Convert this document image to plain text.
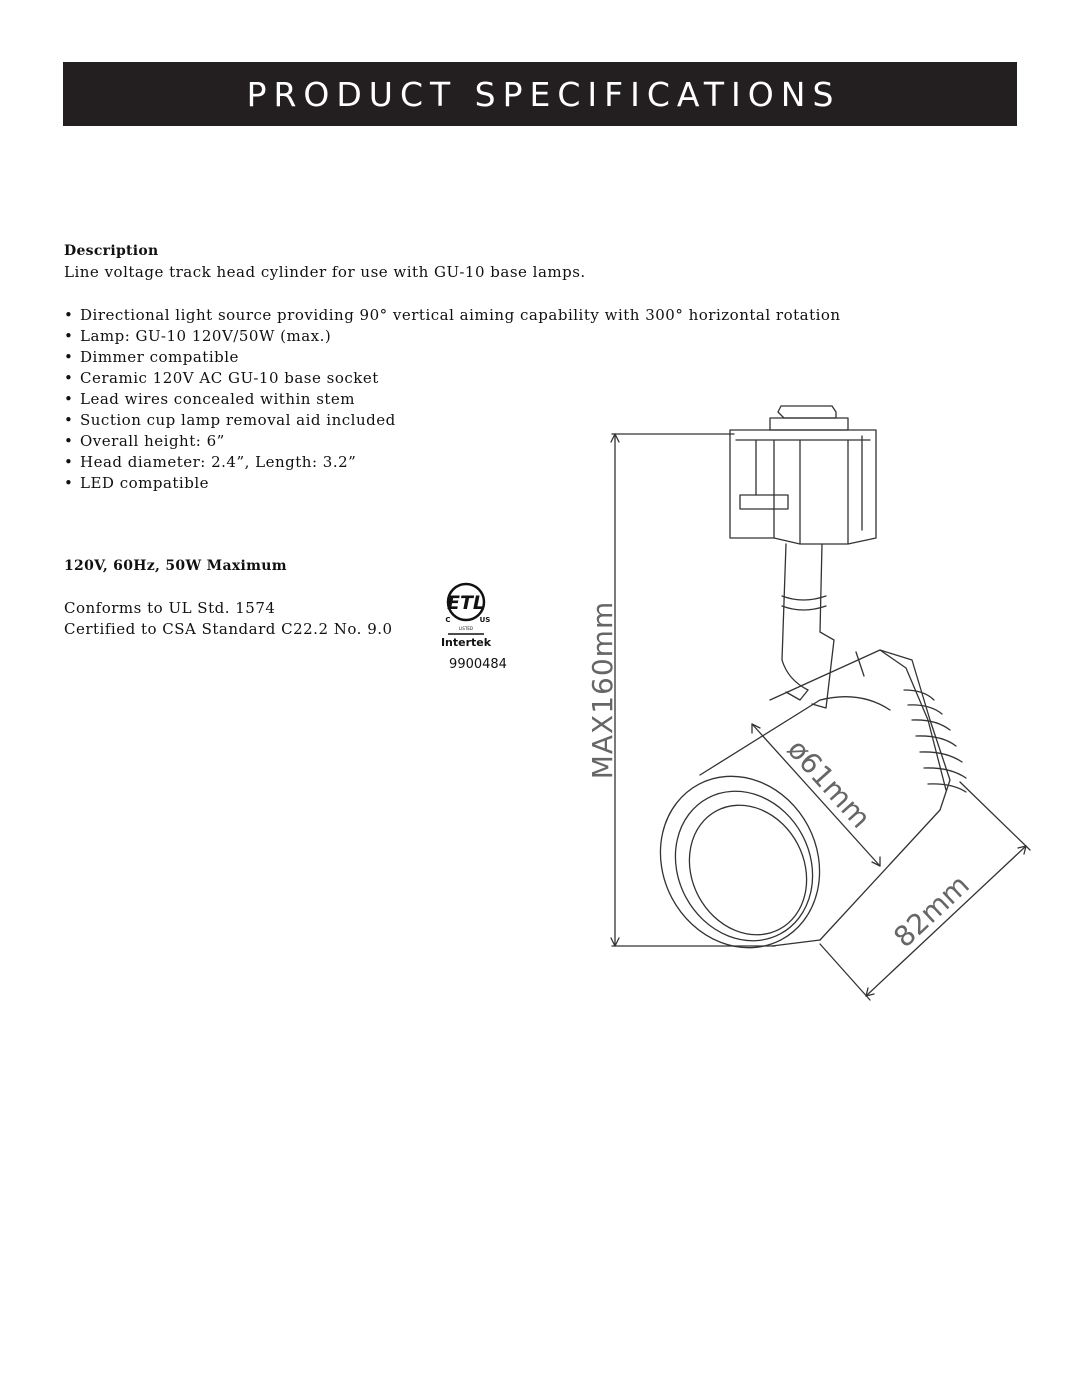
PRODUCT SPECIFICATIONS

Description

Line voltage track head cylinder for use with GU-10 base lamps.

• Directional light source providing 90° vertical aiming capability with 300° horizontal rotation
• Lamp: GU-10 120V/50W (max.)
• Dimmer compatible
• Ceramic 120V AC GU-10 base socket
• Lead wires concealed within stem
• Suction cup lamp removal aid included
• Overall height: 6”
• Head diameter: 2.4”, Length: 3.2”
• LED compatible

120V, 60Hz, 50W Maximum

Conforms to UL Std. 1574
Certified to CSA Standard C22.2 No. 9.0
ETL
C	US
LISTED
Intertek

9900484	MAX160mm
ø61mm
82mm
